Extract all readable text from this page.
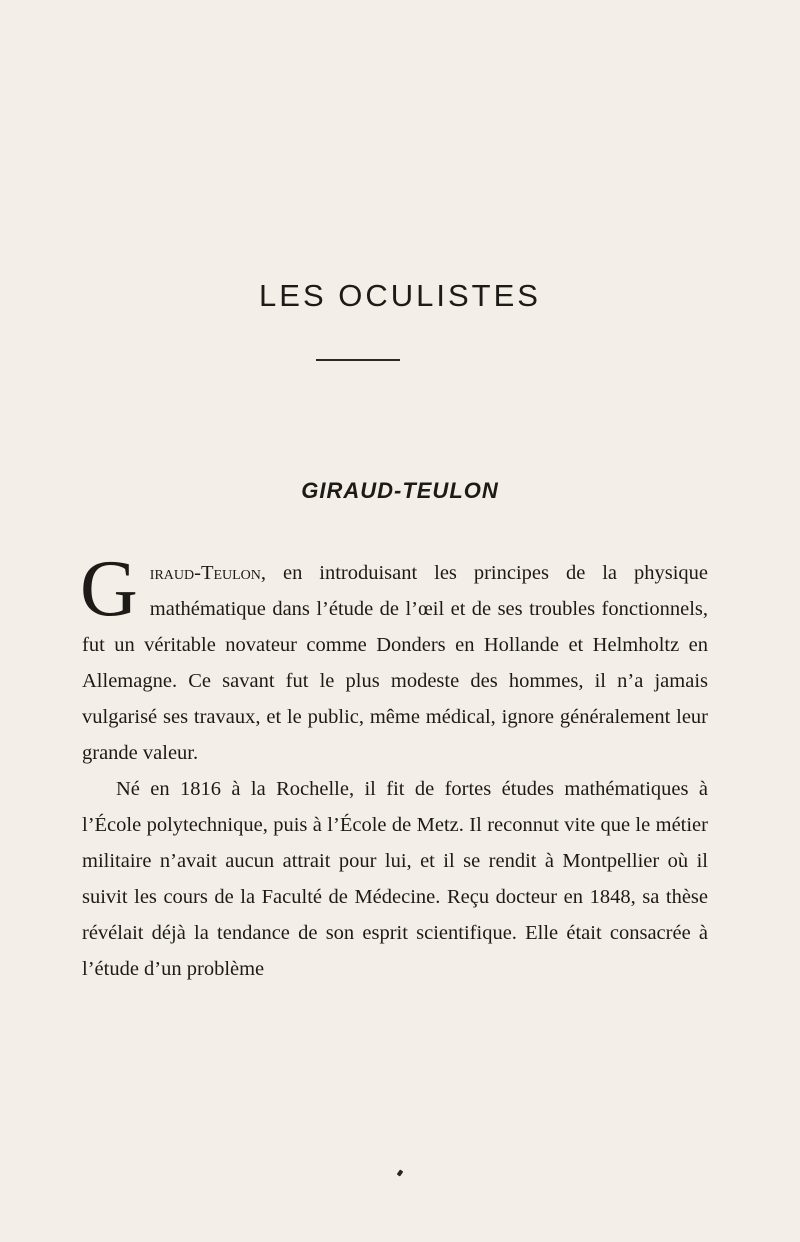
LES OCULISTES
GIRAUD-TEULON

Giraud-Teulon, en introduisant les principes de la physique mathématique dans l’étude de l’œil et de ses troubles fonctionnels, fut un véritable novateur comme Donders en Hollande et Helmholtz en Allemagne. Ce savant fut le plus modeste des hommes, il n’a jamais vulgarisé ses travaux, et le public, même médical, ignore généralement leur grande valeur.

Né en 1816 à la Rochelle, il fit de fortes études mathématiques à l’École polytechnique, puis à l’École de Metz. Il reconnut vite que le métier militaire n’avait aucun attrait pour lui, et il se rendit à Montpellier où il suivit les cours de la Faculté de Médecine. Reçu docteur en 1848, sa thèse révélait déjà la tendance de son esprit scientifique. Elle était consacrée à l’étude d’un problème
